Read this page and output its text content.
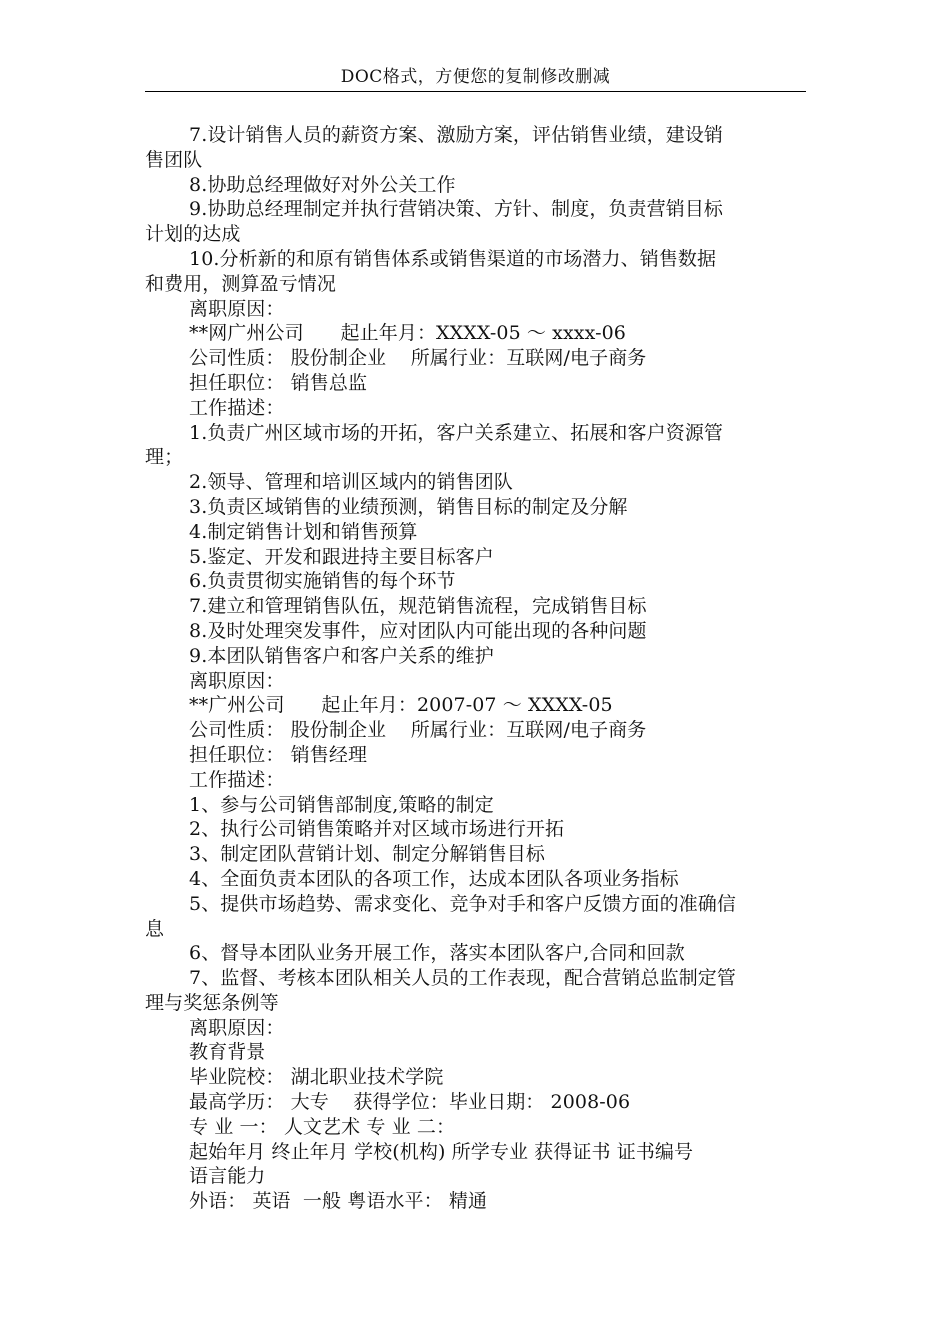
DOC格式，方便您的复制修改删减
7.设计销售人员的薪资方案、激励方案，评估销售业绩，建设销
售团队
8.协助总经理做好对外公关工作
9.协助总经理制定并执行营销决策、方针、制度，负责营销目标
计划的达成
10.分析新的和原有销售体系或销售渠道的市场潜力、销售数据
和费用，测算盈亏情况
离职原因：
**网广州公司      起止年月：XXXX-05 ～ xxxx-06
公司性质： 股份制企业    所属行业：互联网/电子商务
担任职位： 销售总监
工作描述：
1.负责广州区域市场的开拓，客户关系建立、拓展和客户资源管
理；
2.领导、管理和培训区域内的销售团队
3.负责区域销售的业绩预测，销售目标的制定及分解
4.制定销售计划和销售预算
5.鉴定、开发和跟进持主要目标客户
6.负责贯彻实施销售的每个环节
7.建立和管理销售队伍，规范销售流程，完成销售目标
8.及时处理突发事件，应对团队内可能出现的各种问题
9.本团队销售客户和客户关系的维护
离职原因：
**广州公司      起止年月：2007-07 ～ XXXX-05
公司性质： 股份制企业    所属行业：互联网/电子商务
担任职位： 销售经理
工作描述：
1、参与公司销售部制度,策略的制定
2、执行公司销售策略并对区域市场进行开拓
3、制定团队营销计划、制定分解销售目标
4、全面负责本团队的各项工作，达成本团队各项业务指标
5、提供市场趋势、需求变化、竞争对手和客户反馈方面的准确信
息
6、督导本团队业务开展工作，落实本团队客户,合同和回款
7、监督、考核本团队相关人员的工作表现，配合营销总监制定管
理与奖惩条例等
离职原因：
教育背景
毕业院校： 湖北职业技术学院
最高学历： 大专    获得学位：毕业日期： 2008-06
专 业 一： 人文艺术 专 业 二：
起始年月 终止年月 学校(机构) 所学专业 获得证书 证书编号
语言能力
外语： 英语  一般 粤语水平： 精通
